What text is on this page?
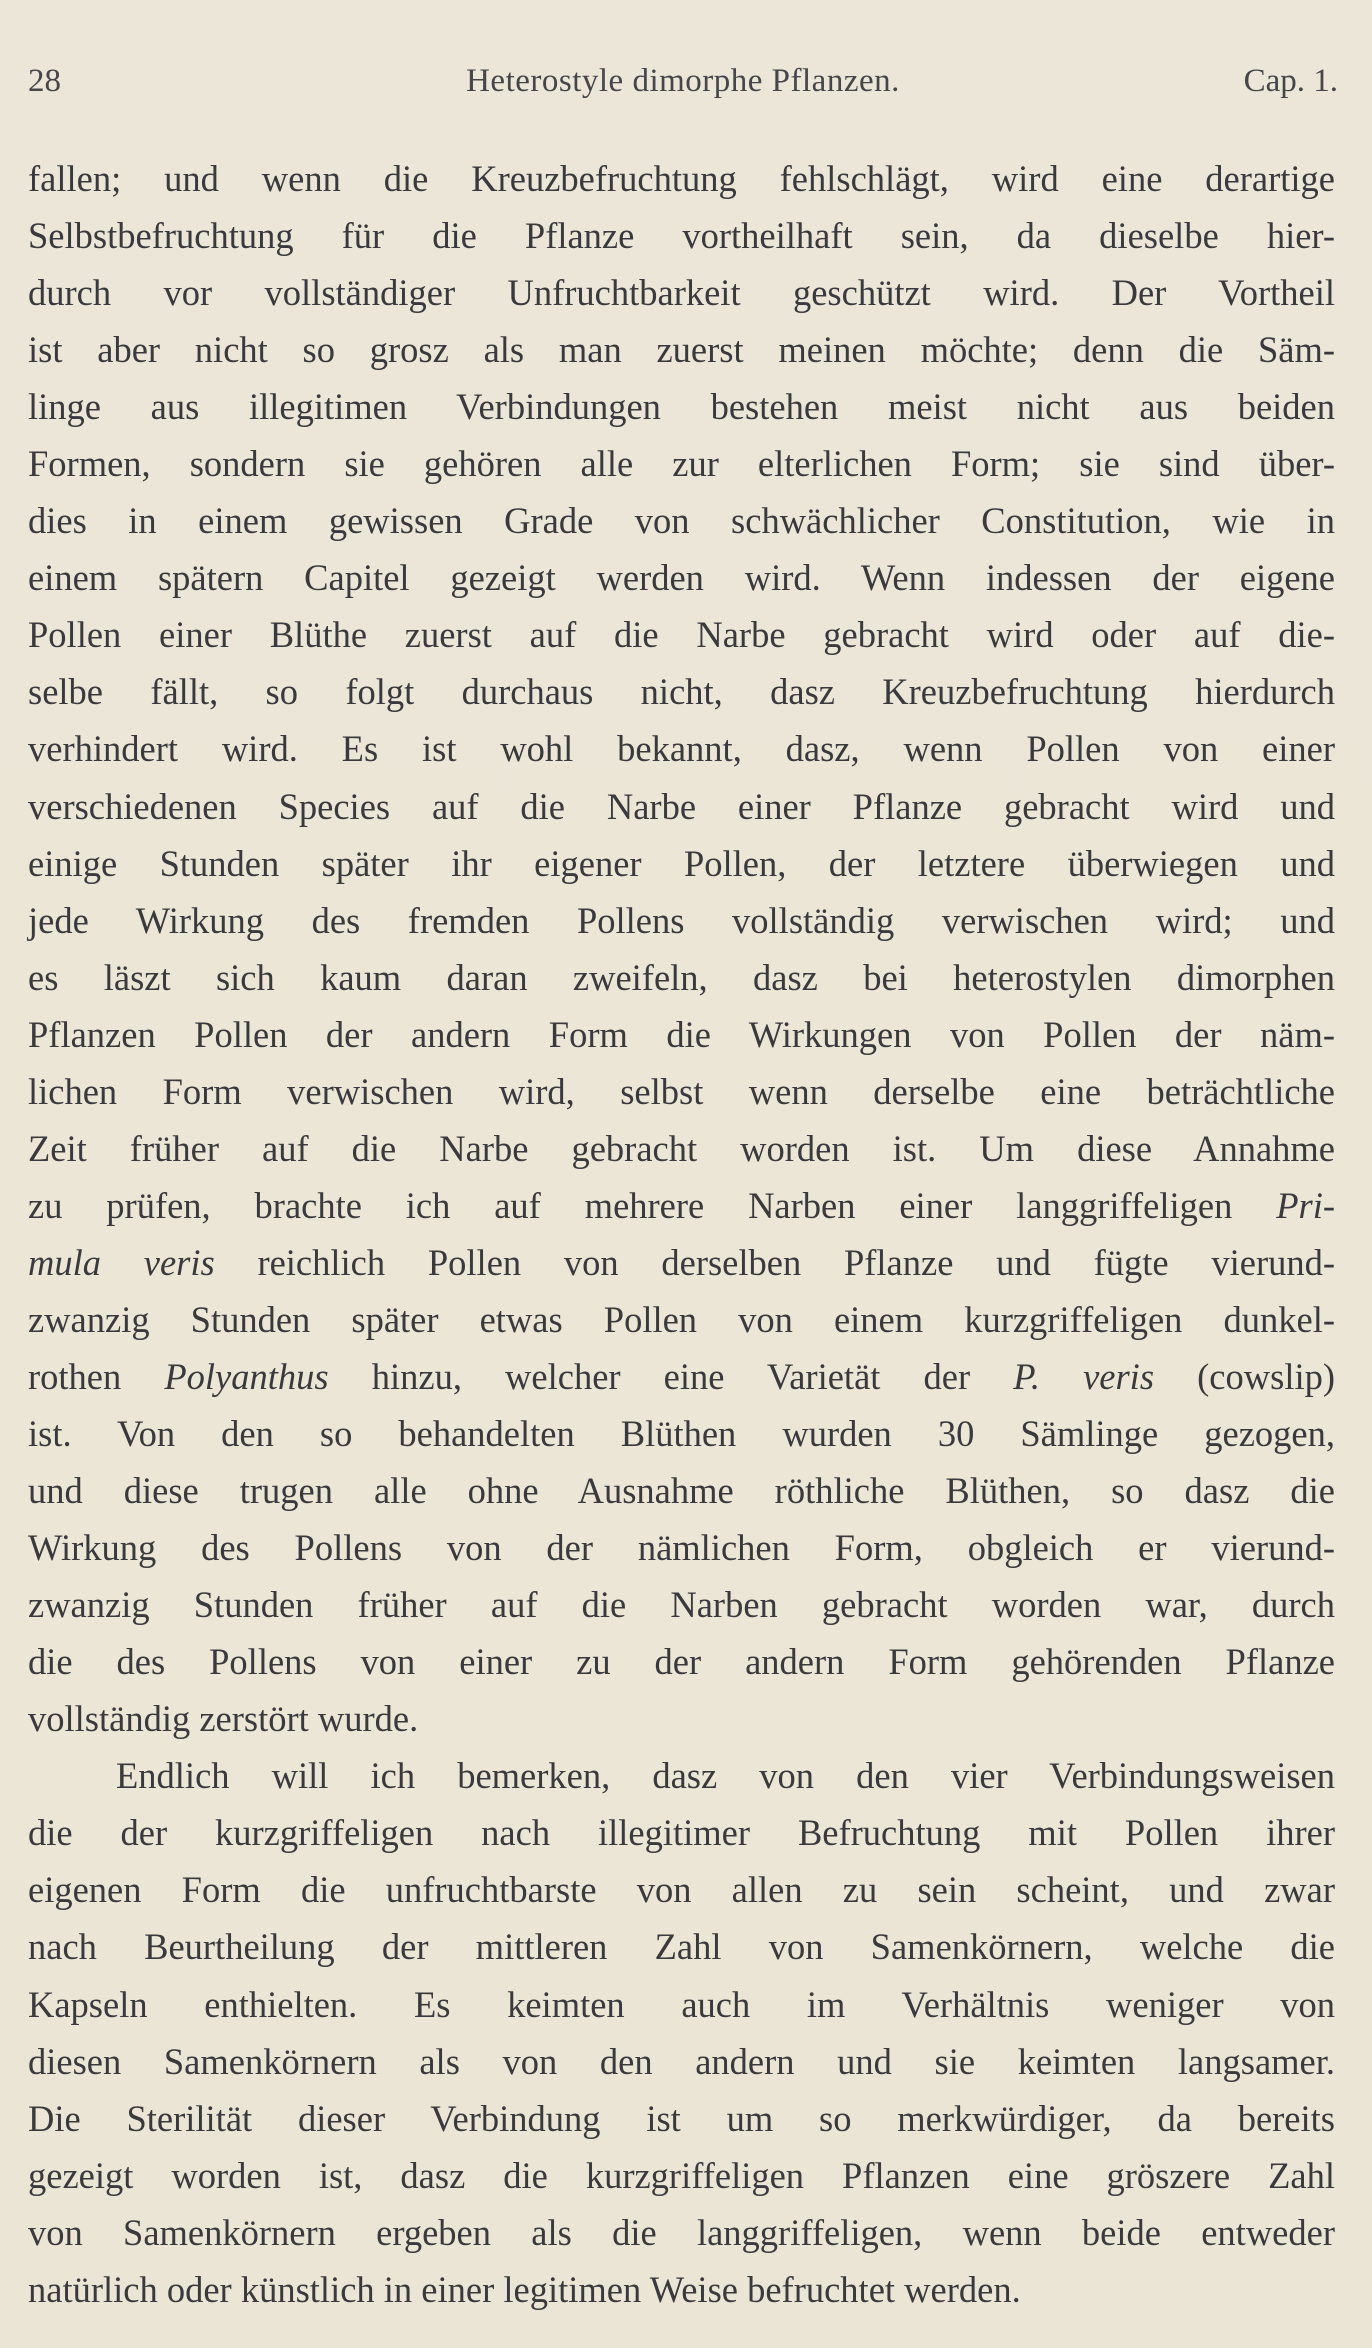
28	Heterostyle dimorphe Pflanzen.	Cap. 1.
fallen; und wenn die Kreuzbefruchtung fehlschlägt, wird eine derartige
Selbstbefruchtung für die Pflanze vortheilhaft sein, da dieselbe hier-
durch vor vollständiger Unfruchtbarkeit geschützt wird. Der Vortheil
ist aber nicht so grosz als man zuerst meinen möchte; denn die Säm-
linge aus illegitimen Verbindungen bestehen meist nicht aus beiden
Formen, sondern sie gehören alle zur elterlichen Form; sie sind über-
dies in einem gewissen Grade von schwächlicher Constitution, wie in
einem spätern Capitel gezeigt werden wird. Wenn indessen der eigene
Pollen einer Blüthe zuerst auf die Narbe gebracht wird oder auf die-
selbe fällt, so folgt durchaus nicht, dasz Kreuzbefruchtung hierdurch
verhindert wird. Es ist wohl bekannt, dasz, wenn Pollen von einer
verschiedenen Species auf die Narbe einer Pflanze gebracht wird und
einige Stunden später ihr eigener Pollen, der letztere überwiegen und
jede Wirkung des fremden Pollens vollständig verwischen wird; und
es läszt sich kaum daran zweifeln, dasz bei heterostylen dimorphen
Pflanzen Pollen der andern Form die Wirkungen von Pollen der näm-
lichen Form verwischen wird, selbst wenn derselbe eine beträchtliche
Zeit früher auf die Narbe gebracht worden ist. Um diese Annahme
zu prüfen, brachte ich auf mehrere Narben einer langgriffeligen Pri-
mula veris reichlich Pollen von derselben Pflanze und fügte vierund-
zwanzig Stunden später etwas Pollen von einem kurzgriffeligen dunkel-
rothen Polyanthus hinzu, welcher eine Varietät der P. veris (cowslip)
ist. Von den so behandelten Blüthen wurden 30 Sämlinge gezogen,
und diese trugen alle ohne Ausnahme röthliche Blüthen, so dasz die
Wirkung des Pollens von der nämlichen Form, obgleich er vierund-
zwanzig Stunden früher auf die Narben gebracht worden war, durch
die des Pollens von einer zu der andern Form gehörenden Pflanze
vollständig zerstört wurde.
Endlich will ich bemerken, dasz von den vier Verbindungsweisen
die der kurzgriffeligen nach illegitimer Befruchtung mit Pollen ihrer
eigenen Form die unfruchtbarste von allen zu sein scheint, und zwar
nach Beurtheilung der mittleren Zahl von Samenkörnern, welche die
Kapseln enthielten. Es keimten auch im Verhältnis weniger von
diesen Samenkörnern als von den andern und sie keimten langsamer.
Die Sterilität dieser Verbindung ist um so merkwürdiger, da bereits
gezeigt worden ist, dasz die kurzgriffeligen Pflanzen eine gröszere Zahl
von Samenkörnern ergeben als die langgriffeligen, wenn beide entweder
natürlich oder künstlich in einer legitimen Weise befruchtet werden.
